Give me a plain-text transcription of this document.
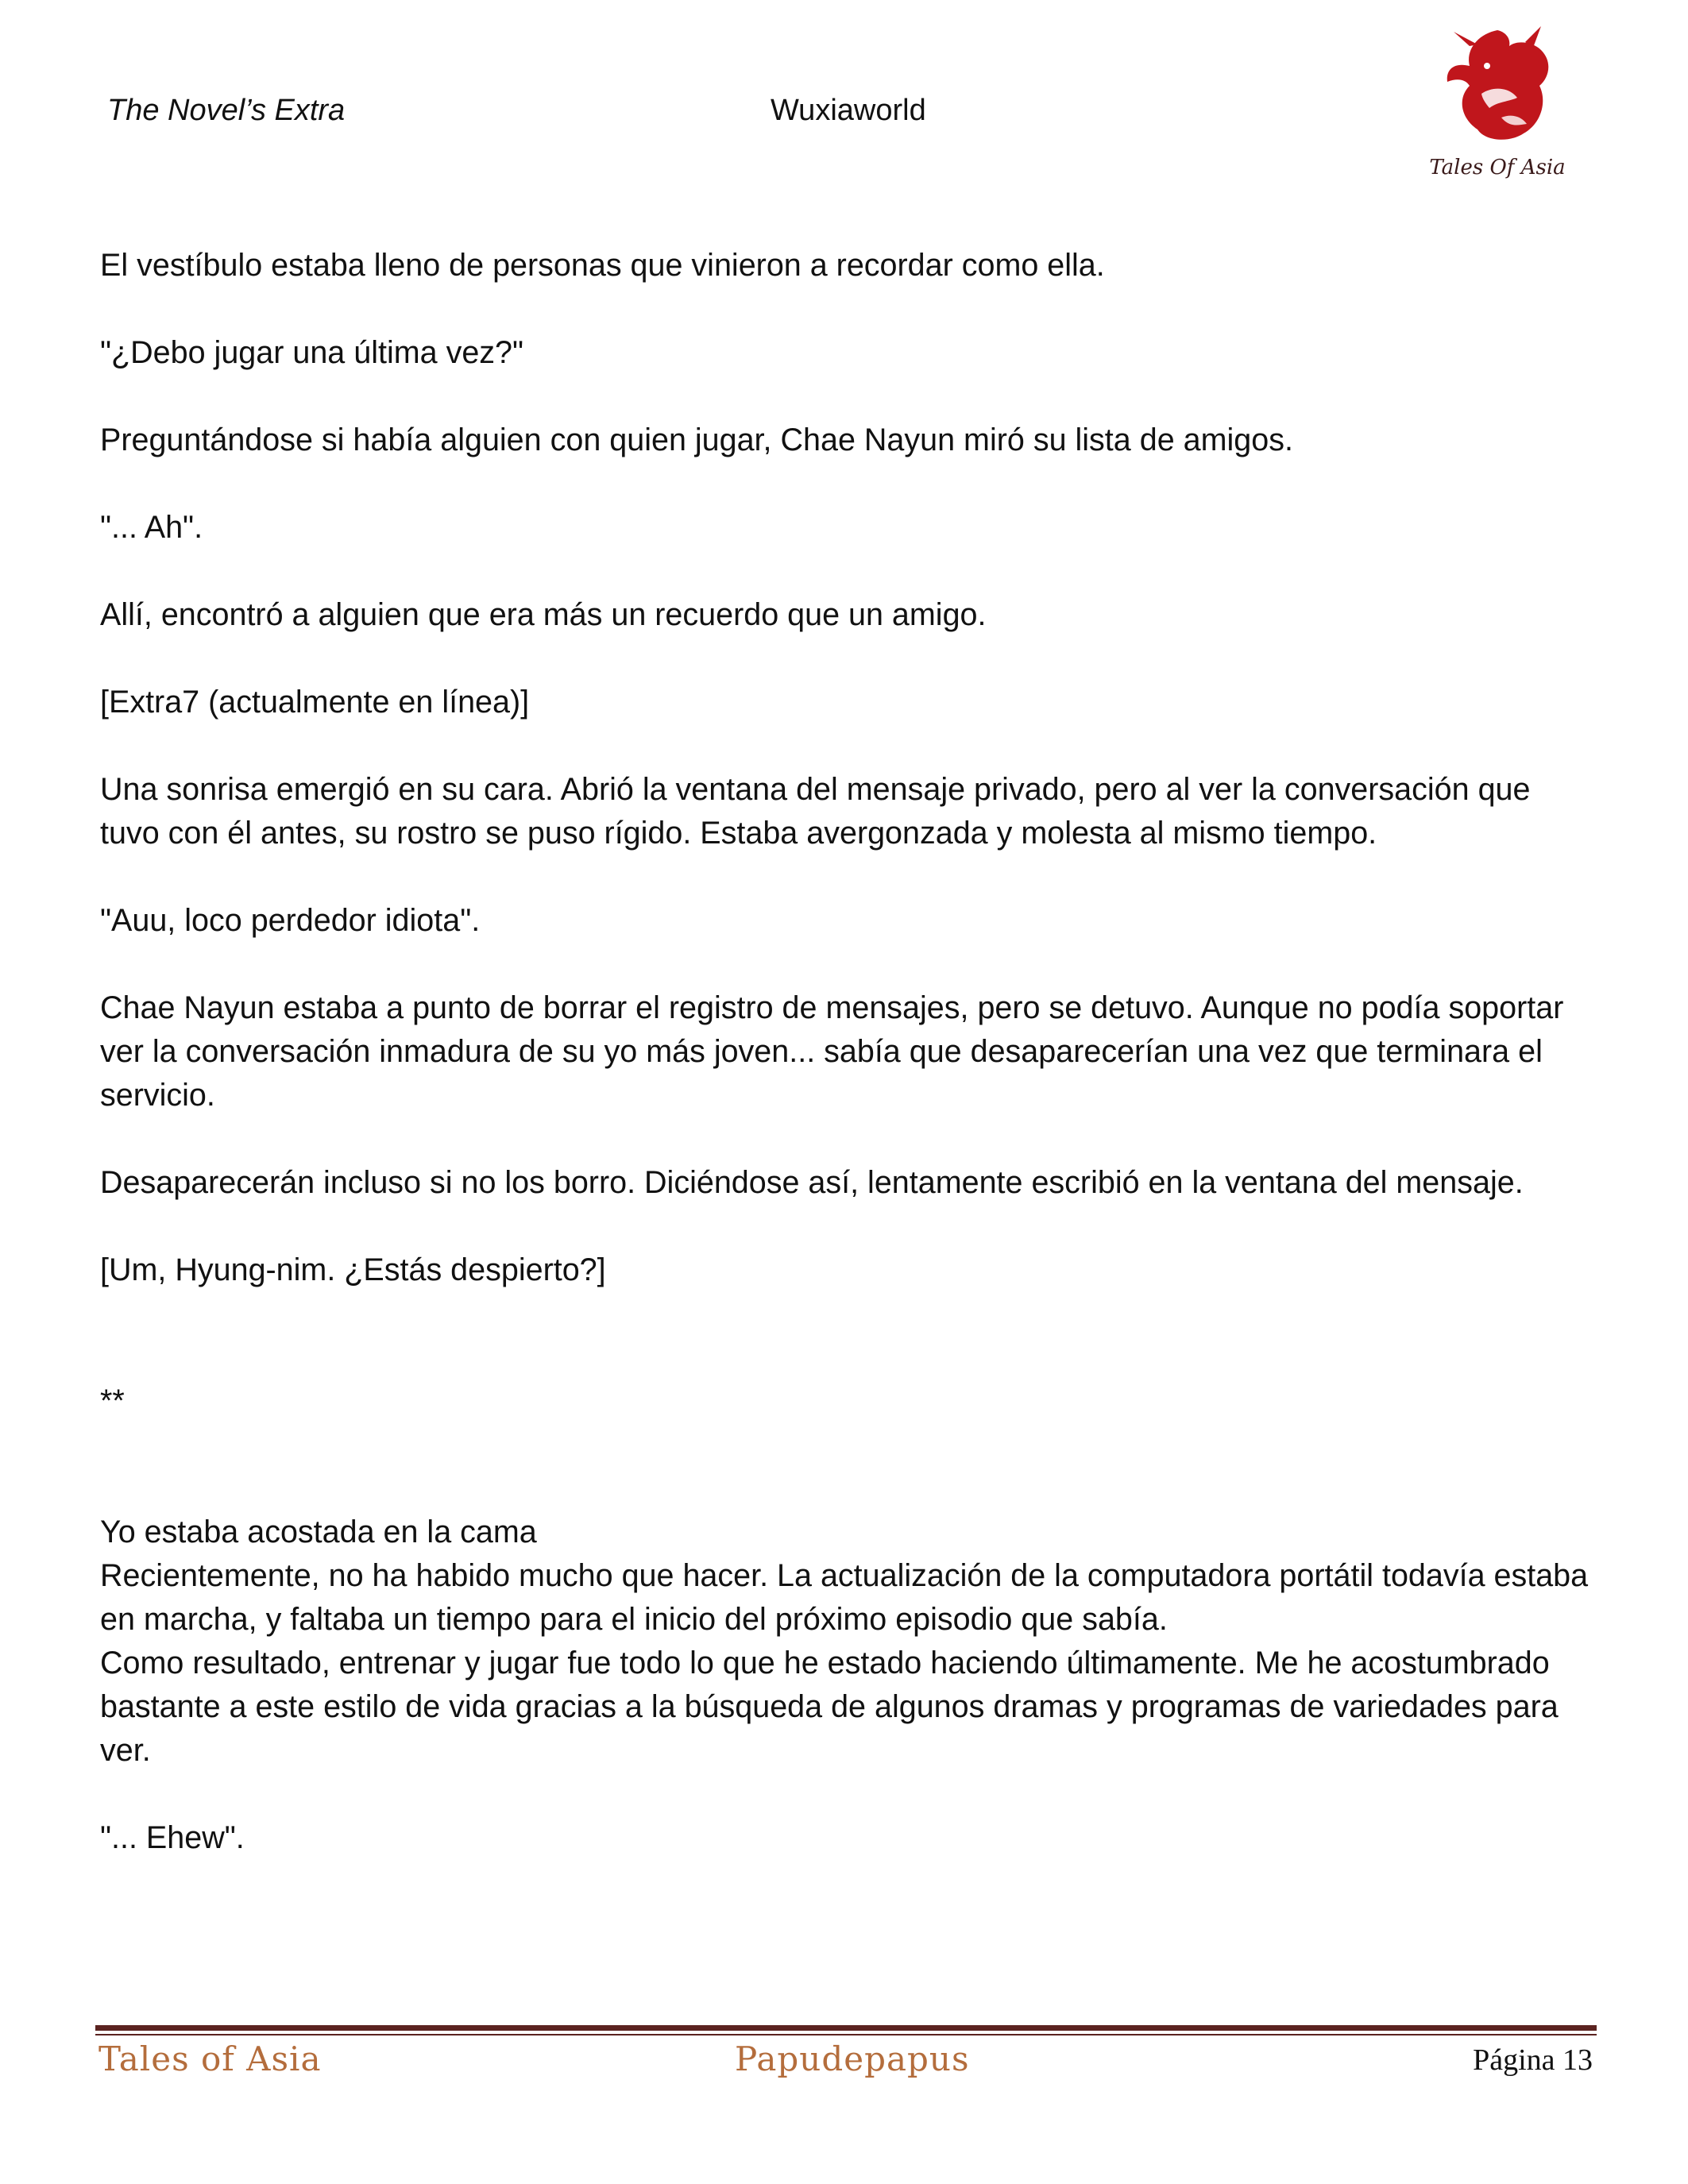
The Novel’s Extra	Wuxiaworld
Tales Of Asia

El vestíbulo estaba lleno de personas que vinieron a recordar como ella.

"¿Debo jugar una última vez?"

Preguntándose si había alguien con quien jugar, Chae Nayun miró su lista de amigos.

"... Ah".

Allí, encontró a alguien que era más un recuerdo que un amigo.

[Extra7 (actualmente en línea)]

Una sonrisa emergió en su cara. Abrió la ventana del mensaje privado, pero al ver la conversación que tuvo con él antes, su rostro se puso rígido. Estaba avergonzada y molesta al mismo tiempo.

"Auu, loco perdedor idiota".

Chae Nayun estaba a punto de borrar el registro de mensajes, pero se detuvo. Aunque no podía soportar ver la conversación inmadura de su yo más joven... sabía que desaparecerían una vez que terminara el servicio.

Desaparecerán incluso si no los borro. Diciéndose así, lentamente escribió en la ventana del mensaje.

[Um, Hyung-nim. ¿Estás despierto?]

**

Yo estaba acostada en la cama

Recientemente, no ha habido mucho que hacer. La actualización de la computadora portátil todavía estaba en marcha, y faltaba un tiempo para el inicio del próximo episodio que sabía.

Como resultado, entrenar y jugar fue todo lo que he estado haciendo últimamente. Me he acostumbrado bastante a este estilo de vida gracias a la búsqueda de algunos dramas y programas de variedades para ver.

"... Ehew".

Tales of Asia	Papudepapus	Página 13
